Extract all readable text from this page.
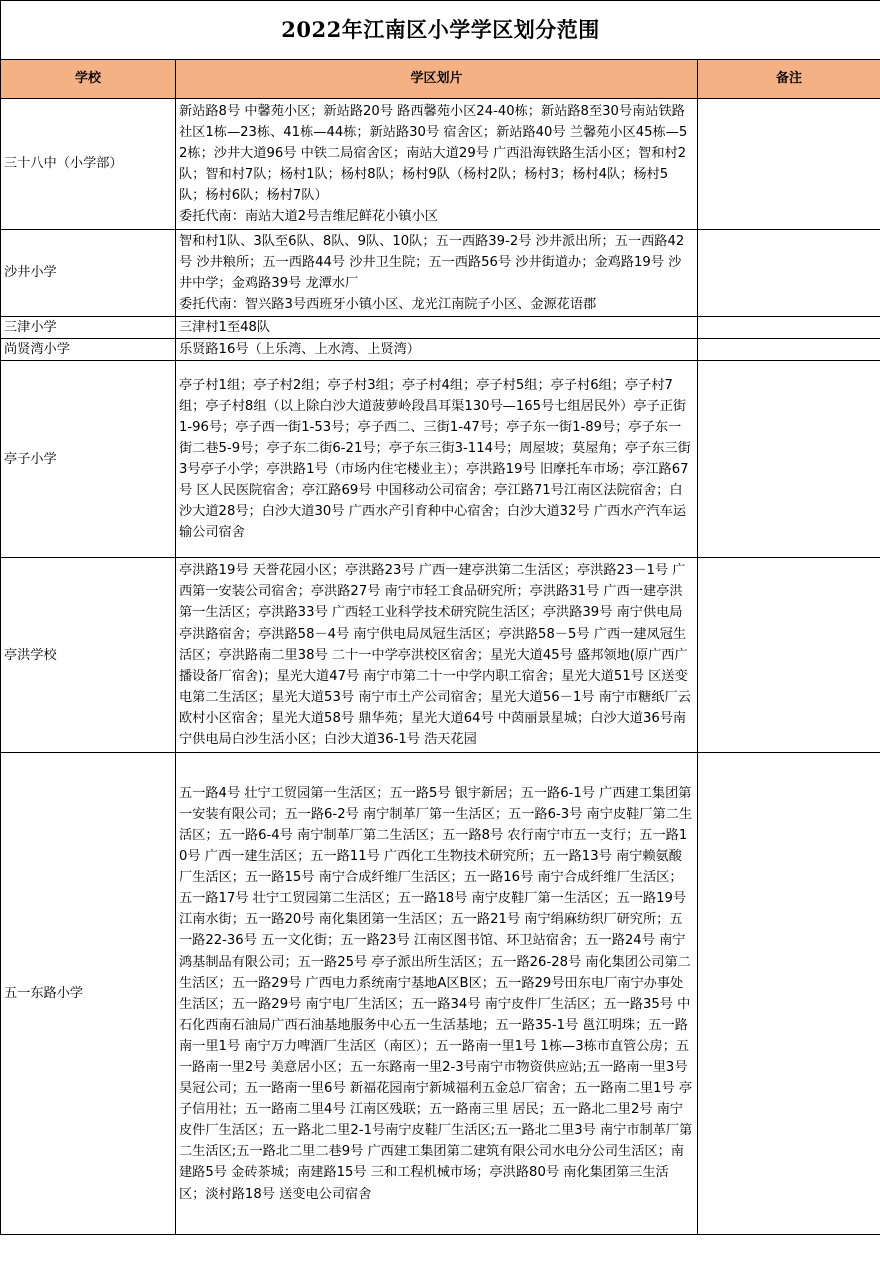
2022年江南区小学学区划分范围		
学校	学区划片	备注
三十八中（小学部）	新站路8号 中馨苑小区；新站路20号 路西馨苑小区24-40栋；新站路8至30号南站铁路社区1栋—23栋、41栋—44栋；新站路30号 宿舍区；新站路40号 兰馨苑小区45栋—52栋；沙井大道96号 中铁二局宿舍区；南站大道29号 广西沿海铁路生活小区；智和村2队；智和村7队；杨村1队；杨村8队；杨村9队（杨村2队；杨村3；杨村4队；杨村5队；杨村6队；杨村7队）
委托代南：南站大道2号吉维尼鲜花小镇小区	
沙井小学	智和村1队、3队至6队、8队、9队、10队；五一西路39-2号 沙井派出所；五一西路42号 沙井粮所；五一西路44号 沙井卫生院；五一西路56号 沙井街道办；金鸡路19号 沙井中学；金鸡路39号 龙潭水厂
委托代南：智兴路3号西班牙小镇小区、龙光江南院子小区、金源花语郡	
三津小学	三津村1至48队	
尚贤湾小学	乐贤路16号（上乐湾、上水湾、上贤湾）	
亭子小学	亭子村1组；亭子村2组；亭子村3组；亭子村4组；亭子村5组；亭子村6组；亭子村7组；亭子村8组（以上除白沙大道菠萝岭段昌耳渠130号—165号七组居民外）亭子正街1-96号；亭子西一街1-53号；亭子西二、三街1-47号；亭子东一街1-89号；亭子东一街二巷5-9号；亭子东二街6-21号；亭子东三街3-114号；周屋坡；莫屋角；亭子东三街3号亭子小学；亭洪路1号（市场内住宅楼业主）；亭洪路19号 旧摩托车市场；亭江路67号 区人民医院宿舍；亭江路69号 中国移动公司宿舍；亭江路71号江南区法院宿舍；白沙大道28号；白沙大道30号 广西水产引育种中心宿舍；白沙大道32号 广西水产汽车运输公司宿舍	
亭洪学校	亭洪路19号 天誉花园小区；亭洪路23号 广西一建亭洪第二生活区；亭洪路23－1号 广西第一安装公司宿舍；亭洪路27号 南宁市轻工食品研究所；亭洪路31号 广西一建亭洪第一生活区；亭洪路33号 广西轻工业科学技术研究院生活区；亭洪路39号 南宁供电局亭洪路宿舍；亭洪路58－4号 南宁供电局凤冠生活区；亭洪路58－5号 广西一建凤冠生活区；亭洪路南二里38号 二十一中学亭洪校区宿舍；星光大道45号 盛邦领地(原广西广播设备厂宿舍)；星光大道47号 南宁市第二十一中学内职工宿舍；星光大道51号 区送变电第二生活区；星光大道53号 南宁市土产公司宿舍；星光大道56－1号 南宁市糖纸厂云欧村小区宿舍；星光大道58号 鼎华苑；星光大道64号 中茵丽景星城；白沙大道36号南宁供电局白沙生活小区；白沙大道36-1号 浩天花园	
五一东路小学	五一路4号 壮宁工贸园第一生活区；五一路5号 银宇新居；五一路6-1号 广西建工集团第一安装有限公司；五一路6-2号 南宁制革厂第一生活区；五一路6-3号 南宁皮鞋厂第二生活区；五一路6-4号 南宁制革厂第二生活区；五一路8号 农行南宁市五一支行；五一路10号 广西一建生活区；五一路11号 广西化工生物技术研究所；五一路13号 南宁赖氨酸厂生活区；五一路15号 南宁合成纤维厂生活区；五一路16号 南宁合成纤维厂生活区；五一路17号 壮宁工贸园第二生活区；五一路18号 南宁皮鞋厂第一生活区；五一路19号 江南水街；五一路20号 南化集团第一生活区；五一路21号 南宁绢麻纺织厂研究所；五一路22-36号 五一文化街；五一路23号 江南区图书馆、环卫站宿舍；五一路24号 南宁鸿基制品有限公司；五一路25号 亭子派出所生活区；五一路26-28号 南化集团公司第二生活区；五一路29号 广西电力系统南宁基地A区B区；五一路29号田东电厂南宁办事处生活区；五一路29号 南宁电厂生活区；五一路34号 南宁皮件厂生活区；五一路35号 中石化西南石油局广西石油基地服务中心五一生活基地；五一路35-1号 邕江明珠；五一路南一里1号 南宁万力啤酒厂生活区（南区）；五一路南一里1号 1栋—3栋市直管公房；五一路南一里2号 美意居小区；五一东路南一里2-3号南宁市物资供应站;五一路南一里3号 昊冠公司；五一路南一里6号 新福花园南宁新城福利五金总厂宿舍；五一路南二里1号 亭子信用社；五一路南二里4号 江南区残联；五一路南三里 居民；五一路北二里2号 南宁皮件厂生活区；五一路北二里2-1号南宁皮鞋厂生活区;五一路北二里3号 南宁市制革厂第二生活区;五一路北二里二巷9号 广西建工集团第二建筑有限公司水电分公司生活区；南建路5号 金砖茶城；南建路15号 三和工程机械市场；亭洪路80号 南化集团第三生活区；淡村路18号 送变电公司宿舍	
